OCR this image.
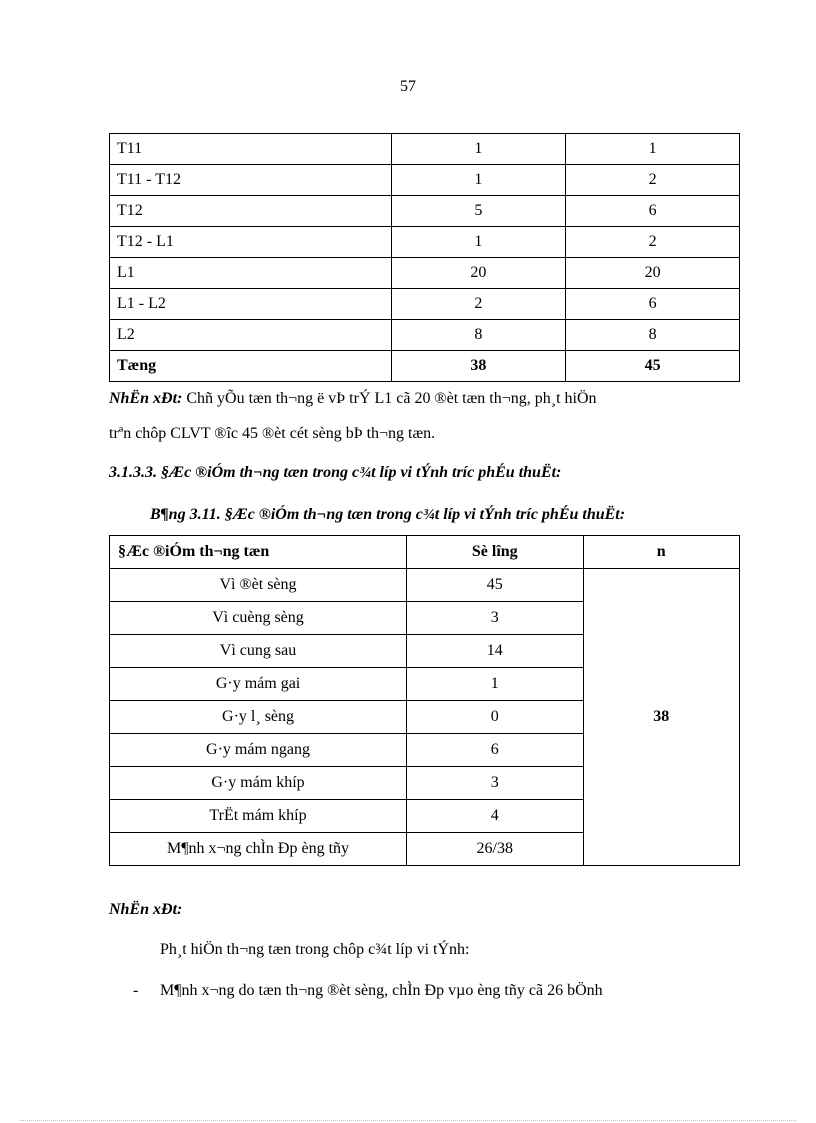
57
T11	1	1
T11 - T12	1	2
T12	5	6
T12 - L1	1	2
L1	20	20
L1 - L2	2	6
L2	8	8
Tæng	38	45
NhËn xÐt: Chñ yÕu tæn th¬ng ë vÞ trÝ L1 cã 20 ®èt tæn th¬ng, ph¸t hiÖn
trªn chôp CLVT ®îc 45 ®èt cét sèng bÞ th¬ng tæn.
3.1.3.3. §Æc ®iÓm th¬ng tæn trong c¾t líp vi tÝnh tríc phÉu thuËt:
B¶ng 3.11. §Æc ®iÓm th¬ng tæn trong c¾t líp vi tÝnh tríc phÉu thuËt:
§Æc ®iÓm th¬ng tæn	Sè lîng	n
Vì ®èt sèng	45	38
Vì cuèng sèng	3	
Vì cung sau	14	
G·y mám gai	1	
G·y l¸ sèng	0	
G·y mám ngang	6	
G·y mám khíp	3	
TrËt mám khíp	4	
M¶nh x¬ng chÌn Ðp èng tñy	26/38	
NhËn xÐt:
Ph¸t hiÖn th¬ng tæn trong chôp c¾t líp vi tÝnh:
- M¶nh x¬ng do tæn th¬ng ®èt sèng, chÌn Ðp vµo èng tñy cã 26 bÖnh
